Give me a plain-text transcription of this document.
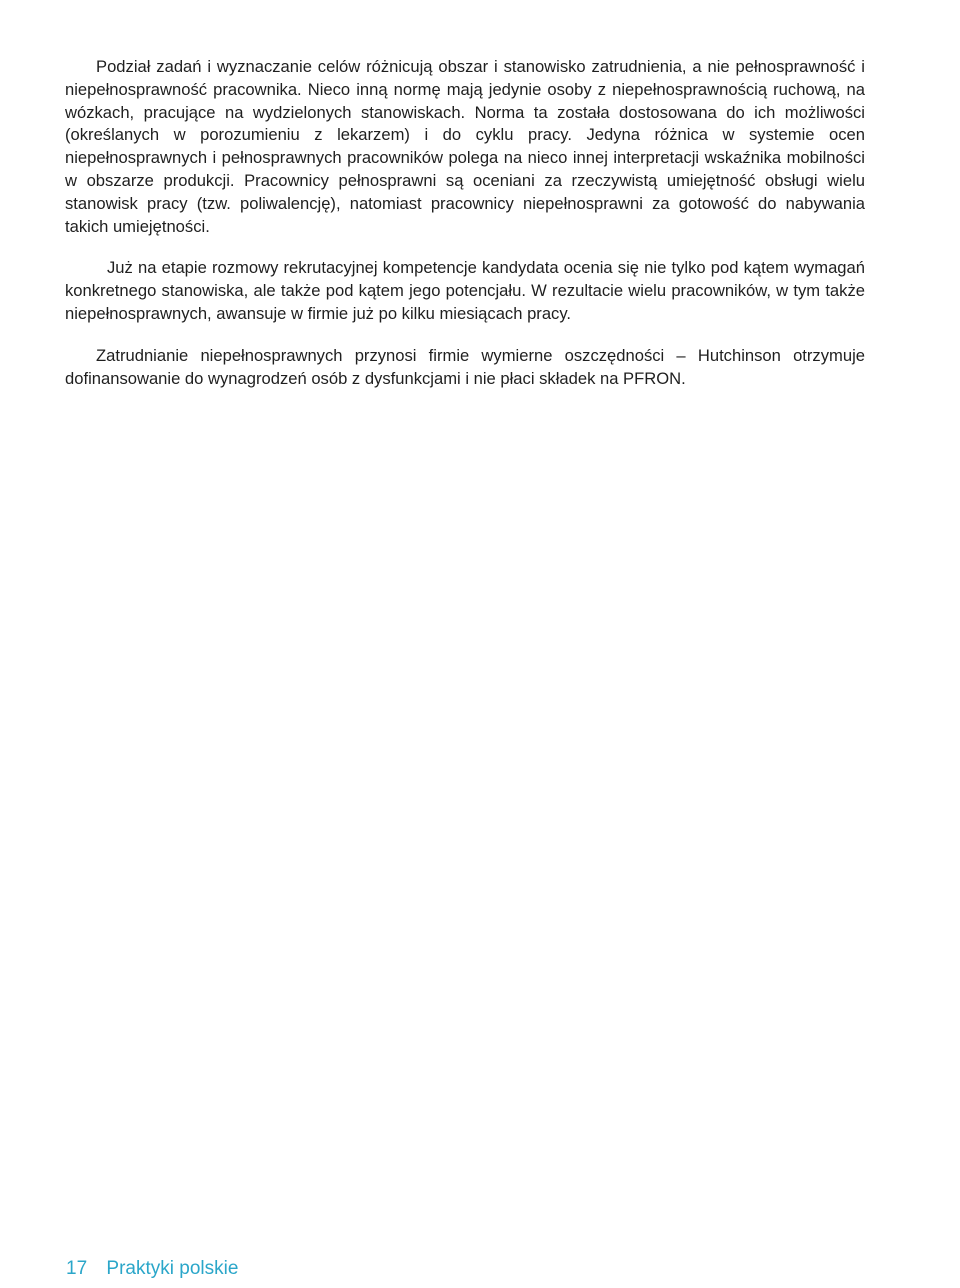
Podział zadań i wyznaczanie celów różnicują obszar i stanowisko zatrudnienia, a nie pełnosprawność i niepełnosprawność pracownika. Nieco inną normę mają jedynie osoby z niepełnosprawnością ruchową, na wózkach, pracujące na wydzielonych stanowiskach. Norma ta została dostosowana do ich możliwości (określanych w porozumieniu z lekarzem) i do cyklu pracy. Jedyna różnica w systemie ocen niepełnosprawnych i pełnosprawnych pracowników polega na nieco innej interpretacji wskaźnika mobilności w obszarze produkcji. Pracownicy pełnosprawni są oceniani za rzeczywistą umiejętność obsługi wielu stanowisk pracy (tzw. poliwalencję), natomiast pracownicy niepełnosprawni za gotowość do nabywania takich umiejętności.

Już na etapie rozmowy rekrutacyjnej kompetencje kandydata ocenia się nie tylko pod kątem wymagań konkretnego stanowiska, ale także pod kątem jego potencjału. W rezultacie wielu pracowników, w tym także niepełnosprawnych, awansuje w firmie już po kilku miesiącach pracy.

Zatrudnianie niepełnosprawnych przynosi firmie wymierne oszczędności – Hutchinson otrzymuje dofinansowanie do wynagrodzeń osób z dysfunkcjami i nie płaci składek na PFRON.

17 Praktyki polskie
